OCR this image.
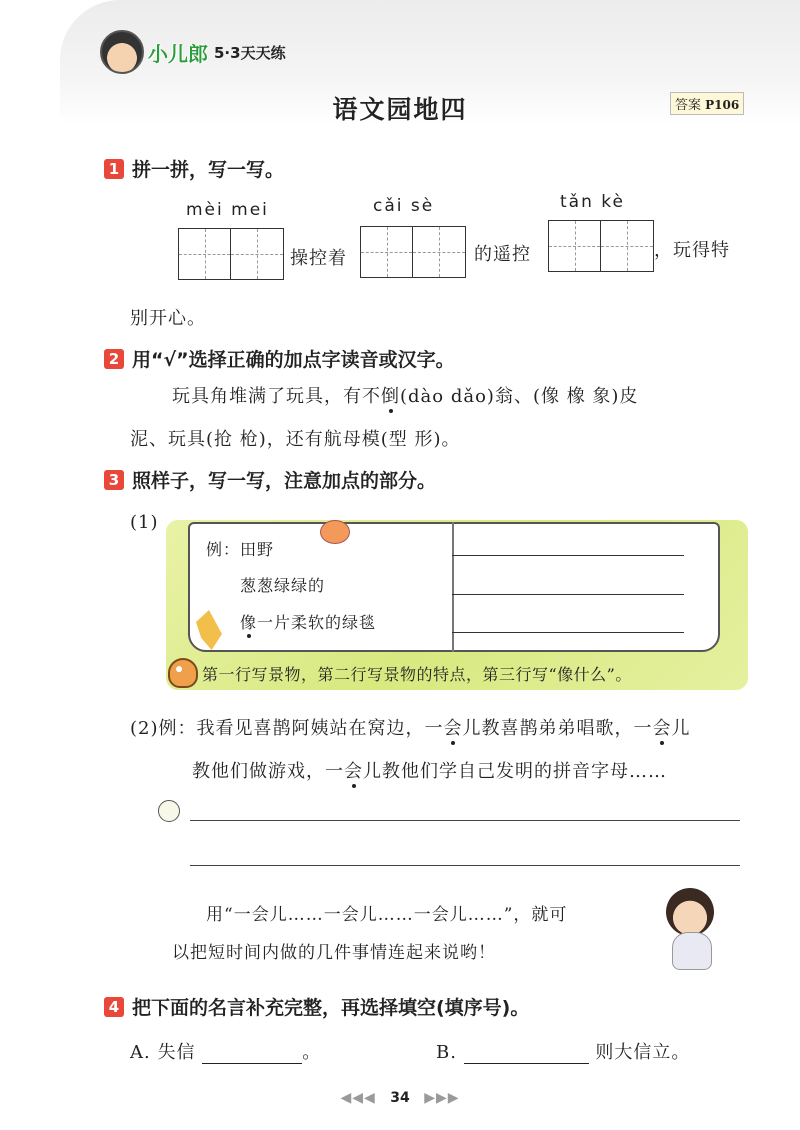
小儿郎 5·3天天练
语文园地四	答案 P106
1 拼一拼，写一写。
mèi mei	cǎi sè	tǎn kè
操控着	的遥控	，玩得特
别开心。
2 用“√”选择正确的加点字读音或汉字。
玩具角堆满了玩具，有不倒(dào dǎo)翁、(像 橡 象)皮
泥、玩具(抢 枪)，还有航母模(型 形)。
3 照样子，写一写，注意加点的部分。
(1)
例：田野
葱葱绿绿的
像一片柔软的绿毯
第一行写景物，第二行写景物的特点，第三行写“像什么”。
(2)例：我看见喜鹊阿姨站在窝边，一会儿教喜鹊弟弟唱歌，一会儿
教他们做游戏，一会儿教他们学自己发明的拼音字母……
用“一会儿……一会儿……一会儿……”，就可
以把短时间内做的几件事情连起来说哟！
4 把下面的名言补充完整，再选择填空(填序号)。
A. 失信	。	B.	则大信立。
◀◀◀ 34 ▶▶▶
